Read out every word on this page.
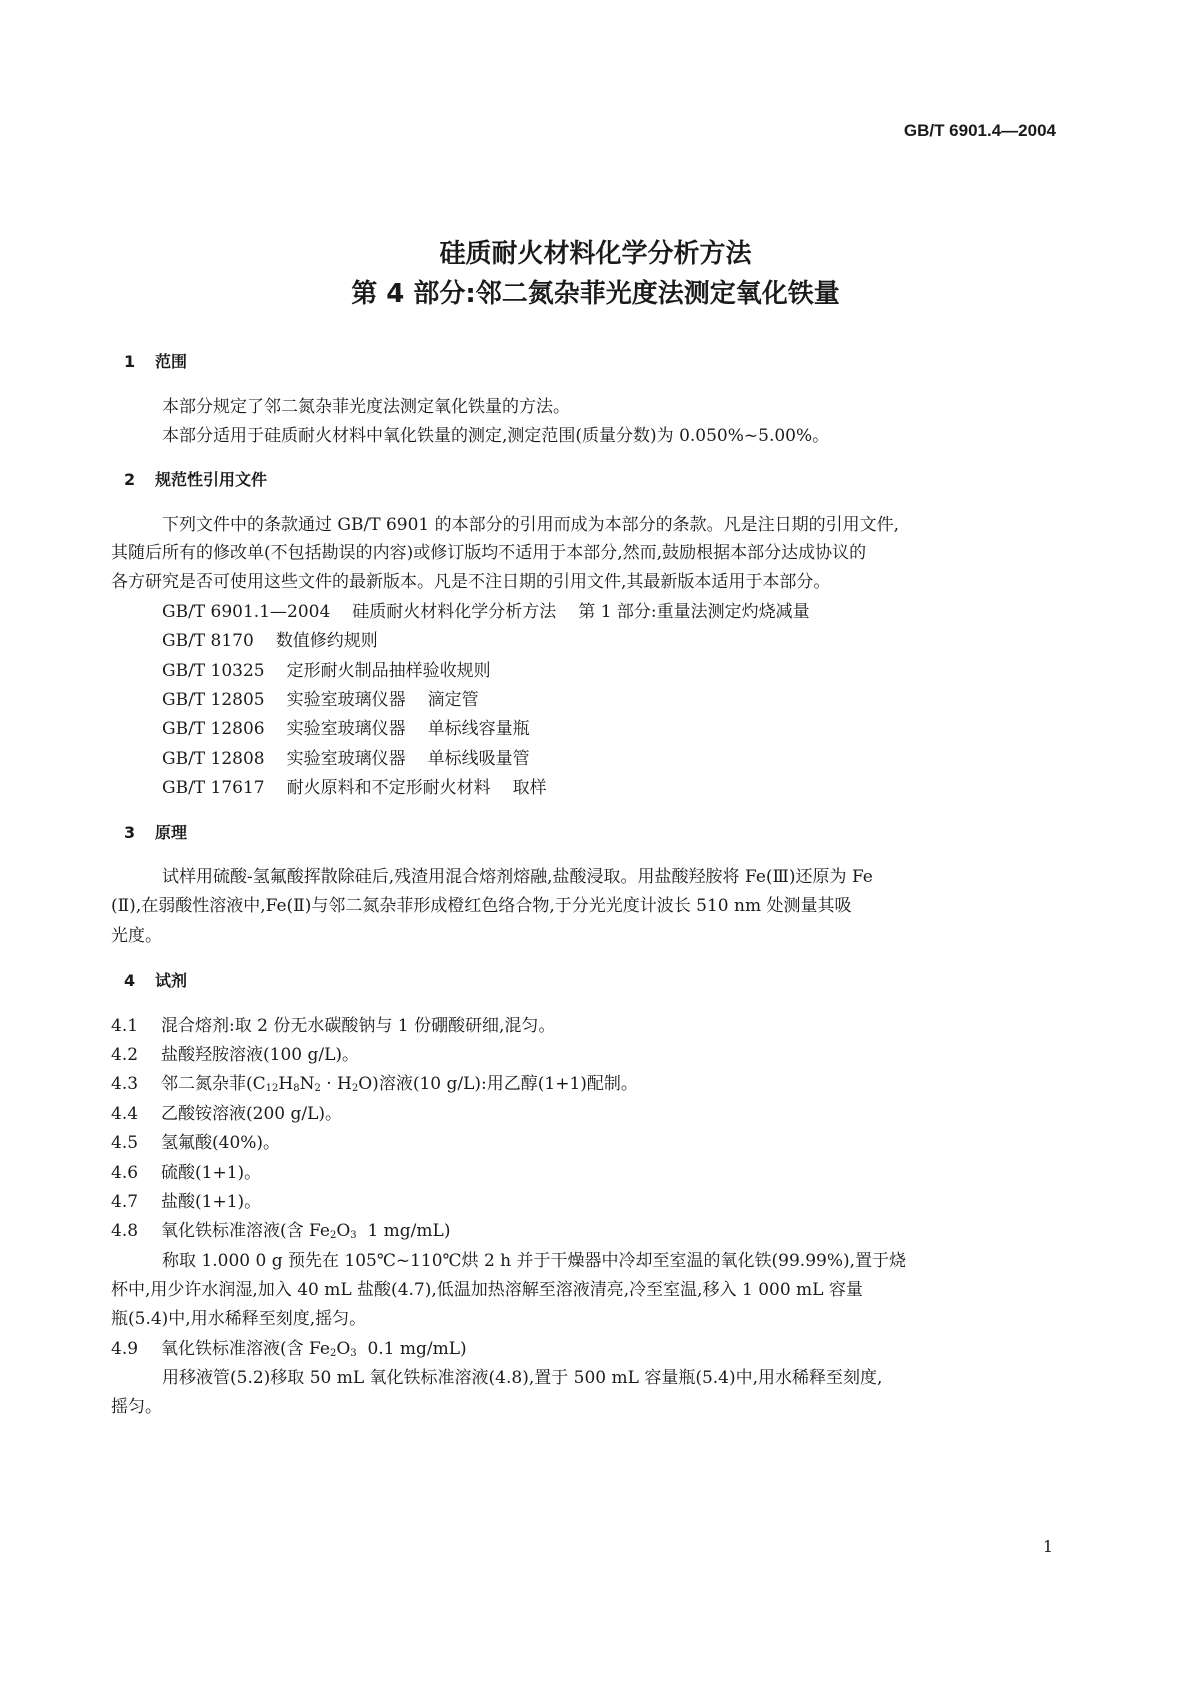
GB/T 6901.4—2004
硅质耐火材料化学分析方法
第 4 部分:邻二氮杂菲光度法测定氧化铁量
1 范围
本部分规定了邻二氮杂菲光度法测定氧化铁量的方法。
本部分适用于硅质耐火材料中氧化铁量的测定,测定范围(质量分数)为 0.050%~5.00%。
2 规范性引用文件
下列文件中的条款通过 GB/T 6901 的本部分的引用而成为本部分的条款。凡是注日期的引用文件,
其随后所有的修改单(不包括勘误的内容)或修订版均不适用于本部分,然而,鼓励根据本部分达成协议的
各方研究是否可使用这些文件的最新版本。凡是不注日期的引用文件,其最新版本适用于本部分。
GB/T 6901.1—2004 硅质耐火材料化学分析方法 第 1 部分:重量法测定灼烧减量
GB/T 8170 数值修约规则
GB/T 10325 定形耐火制品抽样验收规则
GB/T 12805 实验室玻璃仪器 滴定管
GB/T 12806 实验室玻璃仪器 单标线容量瓶
GB/T 12808 实验室玻璃仪器 单标线吸量管
GB/T 17617 耐火原料和不定形耐火材料 取样
3 原理
试样用硫酸-氢氟酸挥散除硅后,残渣用混合熔剂熔融,盐酸浸取。用盐酸羟胺将 Fe(Ⅲ)还原为 Fe
(Ⅱ),在弱酸性溶液中,Fe(Ⅱ)与邻二氮杂菲形成橙红色络合物,于分光光度计波长 510 nm 处测量其吸
光度。
4 试剂
4.1 混合熔剂:取 2 份无水碳酸钠与 1 份硼酸研细,混匀。
4.2 盐酸羟胺溶液(100 g/L)。
4.3 邻二氮杂菲$(C_{12}H_8N_2 \cdot H_2O)$溶液(10 g/L):用乙醇(1+1)配制。
4.4 乙酸铵溶液(200 g/L)。
4.5 氢氟酸(40%)。
4.6 硫酸(1+1)。
4.7 盐酸(1+1)。
4.8 氧化铁标准溶液(含 $Fe_2O_3$  1 mg/mL)
称取 1.000 0 g 预先在 105℃~110℃烘 2 h 并于干燥器中冷却至室温的氧化铁(99.99%),置于烧
杯中,用少许水润湿,加入 40 mL 盐酸(4.7),低温加热溶解至溶液清亮,冷至室温,移入 1 000 mL 容量
瓶(5.4)中,用水稀释至刻度,摇匀。
4.9 氧化铁标准溶液(含 $Fe_2O_3$  0.1 mg/mL)
用移液管(5.2)移取 50 mL 氧化铁标准溶液(4.8),置于 500 mL 容量瓶(5.4)中,用水稀释至刻度,
摇匀。
1
